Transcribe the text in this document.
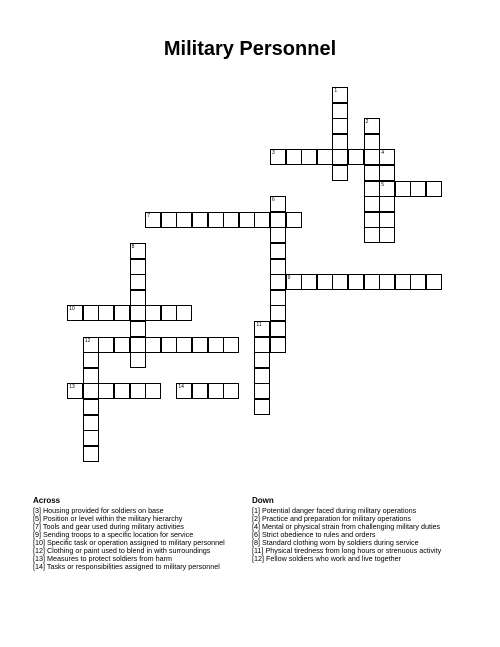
Military Personnel
1
2
3	4
5
6
7
8
9
10
11
12
13	14
Across
[3] Housing provided for soldiers on base
[5] Position or level within the military hierarchy
[7] Tools and gear used during military activities
[9] Sending troops to a specific location for service
[10] Specific task or operation assigned to military personnel
[12] Clothing or paint used to blend in with surroundings
[13] Measures to protect soldiers from harm
[14] Tasks or responsibilities assigned to military personnel
Down
[1] Potential danger faced during military operations
[2] Practice and preparation for military operations
[4] Mental or physical strain from challenging military duties
[6] Strict obedience to rules and orders
[8] Standard clothing worn by soldiers during service
[11] Physical tiredness from long hours or strenuous activity
[12] Fellow soldiers who work and live together
